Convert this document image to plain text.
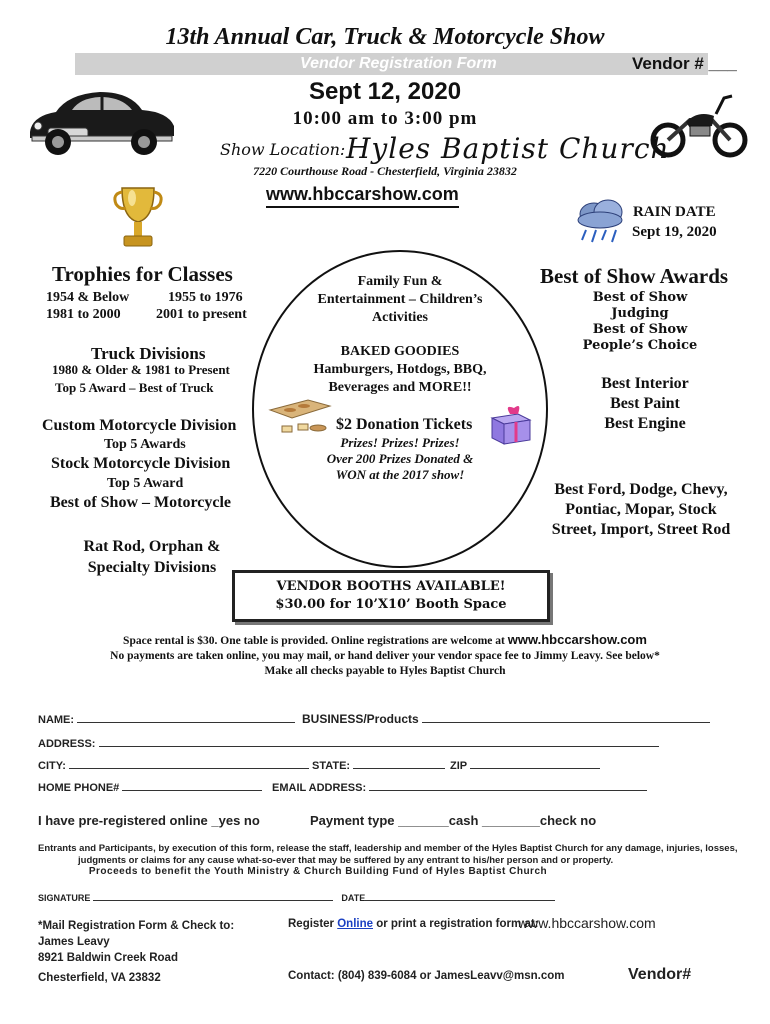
13th Annual Car, Truck & Motorcycle Show
Vendor Registration Form	Vendor # ___
Sept 12, 2020
10:00 am to 3:00 pm
Show Location: Hyles Baptist Church
7220 Courthouse Road - Chesterfield, Virginia 23832
www.hbccarshow.com
RAIN DATE
Sept 19, 2020
Trophies for Classes
1954 & Below	1955 to 1976
1981 to 2000	2001 to present
Truck Divisions
1980 & Older & 1981 to Present
Top 5 Award – Best of Truck
Custom Motorcycle Division
Top 5 Awards
Stock Motorcycle Division
Top 5 Award
Best of Show – Motorcycle
Rat Rod, Orphan &
Specialty Divisions
Family Fun &
Entertainment – Children’s
Activities
BAKED GOODIES
Hamburgers, Hotdogs, BBQ,
Beverages and MORE!!
$2 Donation Tickets
Prizes! Prizes! Prizes!
Over 200 Prizes Donated &
WON at the 2017 show!
Best of Show Awards
Best of Show
Judging
Best of Show
People’s Choice
Best Interior
Best Paint
Best Engine
Best Ford, Dodge, Chevy,
Pontiac, Mopar, Stock
Street, Import, Street Rod
VENDOR BOOTHS AVAILABLE!
$30.00 for 10’X10’ Booth Space
Space rental is $30. One table is provided. Online registrations are welcome at www.hbccarshow.com
No payments are taken online, you may mail, or hand deliver your vendor space fee to Jimmy Leavy. See below*
Make all checks payable to Hyles Baptist Church
NAME:	BUSINESS/Products
ADDRESS:
CITY:	STATE:	ZIP
HOME PHONE#	EMAIL ADDRESS:
I have pre-registered online _yes no	Payment type _______cash ________check no
Entrants and Participants, by execution of this form, release the staff, leadership and member of the Hyles Baptist Church for any damage, injuries, losses,
judgments or claims for any cause what-so-ever that may be suffered by any entrant to his/her person and or property.
Proceeds to benefit the Youth Ministry & Church Building Fund of Hyles Baptist Church
SIGNATURE	DATE
*Mail Registration Form & Check to:
James Leavy
8921 Baldwin Creek Road
Chesterfield, VA 23832
Register Online or print a registration form at:
www.hbccarshow.com
Contact: (804) 839-6084 or JamesLeavv@msn.com	Vendor#
